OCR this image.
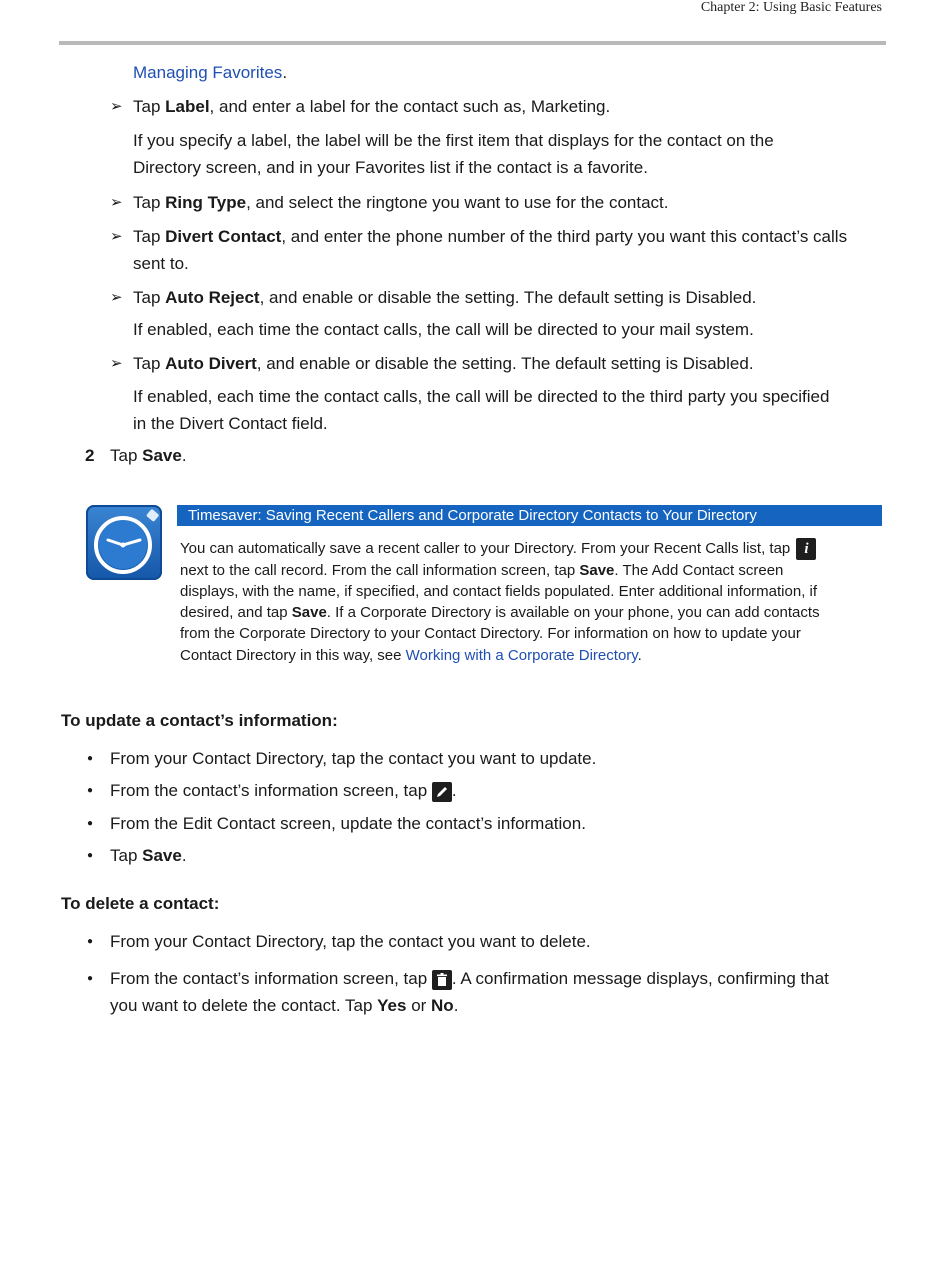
Chapter 2: Using Basic Features
Managing Favorites.
➢ Tap Label, and enter a label for the contact such as, Marketing.
If you specify a label, the label will be the first item that displays for the contact on the
Directory screen, and in your Favorites list if the contact is a favorite.
➢ Tap Ring Type, and select the ringtone you want to use for the contact.
➢ Tap Divert Contact, and enter the phone number of the third party you want this contact’s calls
sent to.
➢ Tap Auto Reject, and enable or disable the setting. The default setting is Disabled.
If enabled, each time the contact calls, the call will be directed to your mail system.
➢ Tap Auto Divert, and enable or disable the setting. The default setting is Disabled.
If enabled, each time the contact calls, the call will be directed to the third party you specified
in the Divert Contact field.
2 Tap Save.
Timesaver: Saving Recent Callers and Corporate Directory Contacts to Your Directory
You can automatically save a recent caller to your Directory. From your Recent Calls list, tap i
next to the call record. From the call information screen, tap Save. The Add Contact screen
displays, with the name, if specified, and contact fields populated. Enter additional information, if
desired, and tap Save. If a Corporate Directory is available on your phone, you can add contacts
from the Corporate Directory to your Contact Directory. For information on how to update your
Contact Directory in this way, see Working with a Corporate Directory.
To update a contact’s information:
● From your Contact Directory, tap the contact you want to update.
● From the contact’s information screen, tap .
● From the Edit Contact screen, update the contact’s information.
● Tap Save.
To delete a contact:
● From your Contact Directory, tap the contact you want to delete.
● From the contact’s information screen, tap . A confirmation message displays, confirming that
you want to delete the contact. Tap Yes or No.
